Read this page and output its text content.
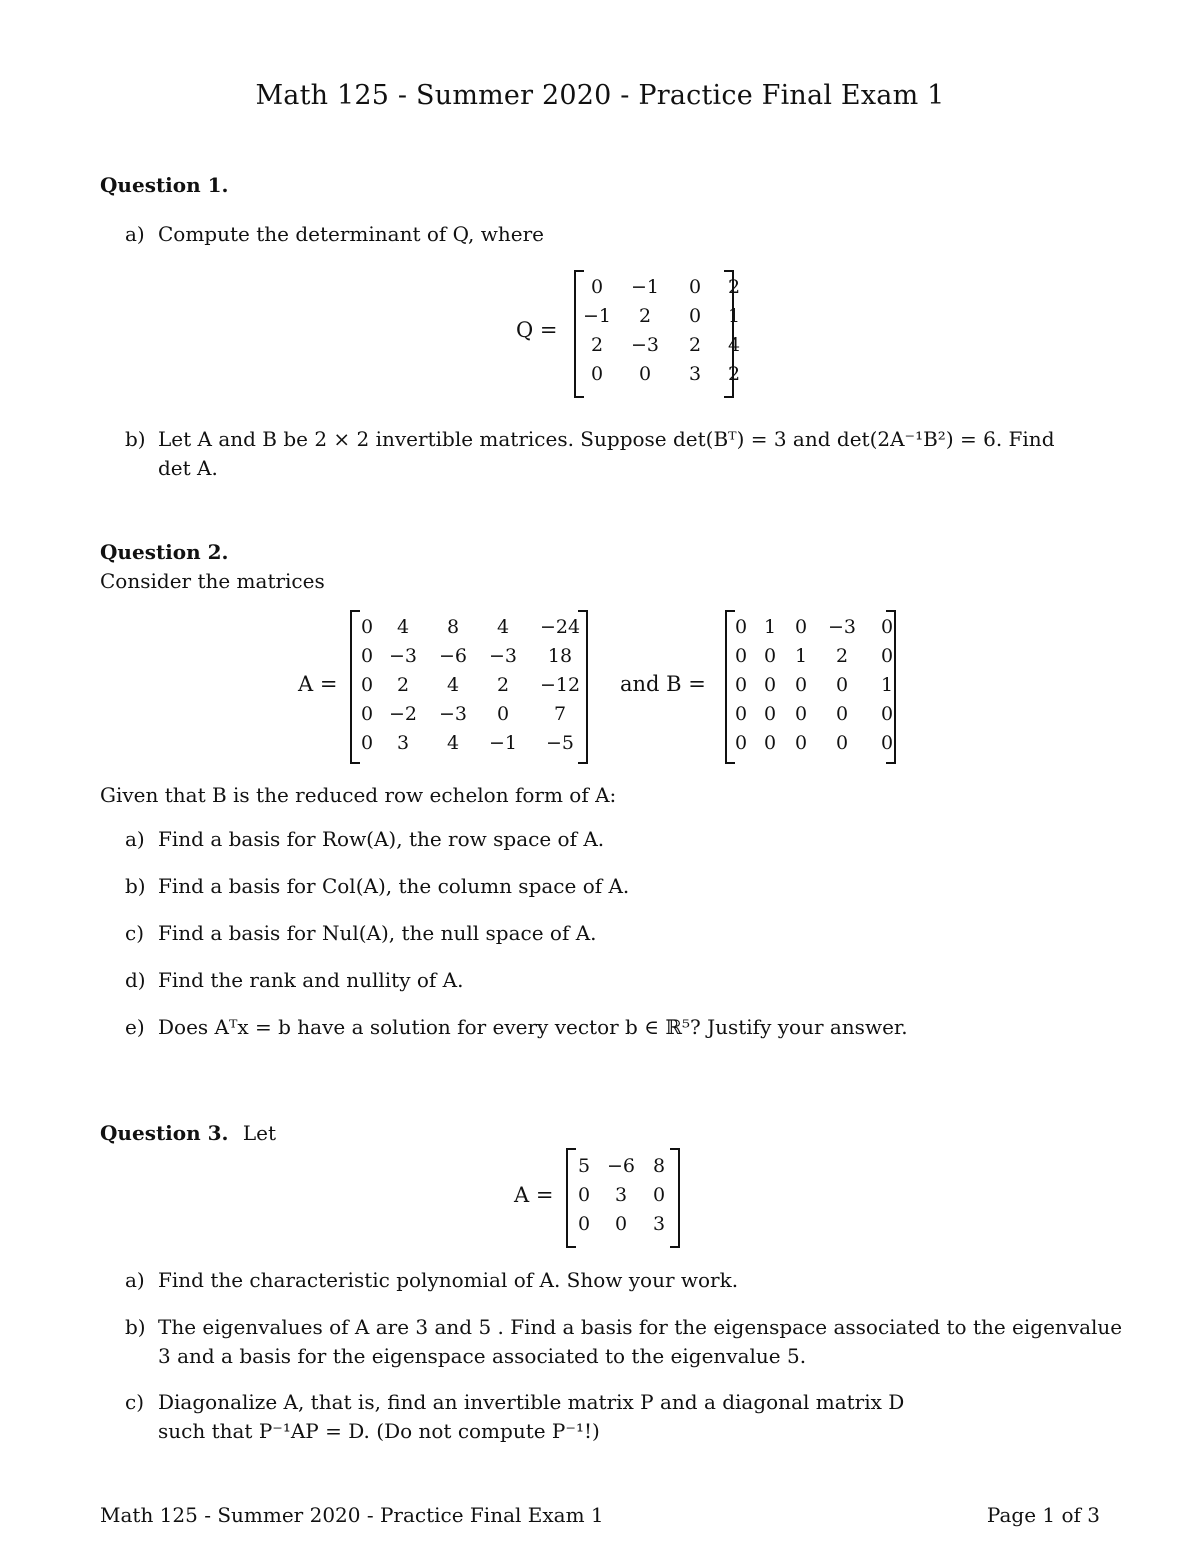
Math 125 - Summer 2020 - Practice Final Exam 1
Question 1.
a) Compute the determinant of Q, where
Q =
0	−1	0	2
−1	2	0	1
2	−3	2	4
0	0	3	2
b) Let A and B be 2 × 2 invertible matrices. Suppose det(Bᵀ) = 3 and det(2A⁻¹B²) = 6. Find
det A.
Question 2.
Consider the matrices
A =
0	4	8	4	−24
0 −3	−6	−3	18
0	2	4	2	−12
0 −2	−3	0	7
0	3	4	−1	−5
and B =
0 1 0	−3	0
0 0 1	2	0
0 0 0	0	1
0 0 0	0	0
0 0 0	0	0
Given that B is the reduced row echelon form of A:
a) Find a basis for Row(A), the row space of A.
b) Find a basis for Col(A), the column space of A.
c) Find a basis for Nul(A), the null space of A.
d) Find the rank and nullity of A.
e) Does Aᵀx = b have a solution for every vector b ∈ ℝ⁵? Justify your answer.
Question 3. Let
A =
5 −6 8
0	3	0
0	0	3
a) Find the characteristic polynomial of A. Show your work.
b) The eigenvalues of A are 3 and 5 . Find a basis for the eigenspace associated to the eigenvalue
3 and a basis for the eigenspace associated to the eigenvalue 5.
c) Diagonalize A, that is, find an invertible matrix P and a diagonal matrix D
such that P⁻¹AP = D. (Do not compute P⁻¹!)
Math 125 - Summer 2020 - Practice Final Exam 1	Page 1 of 3
